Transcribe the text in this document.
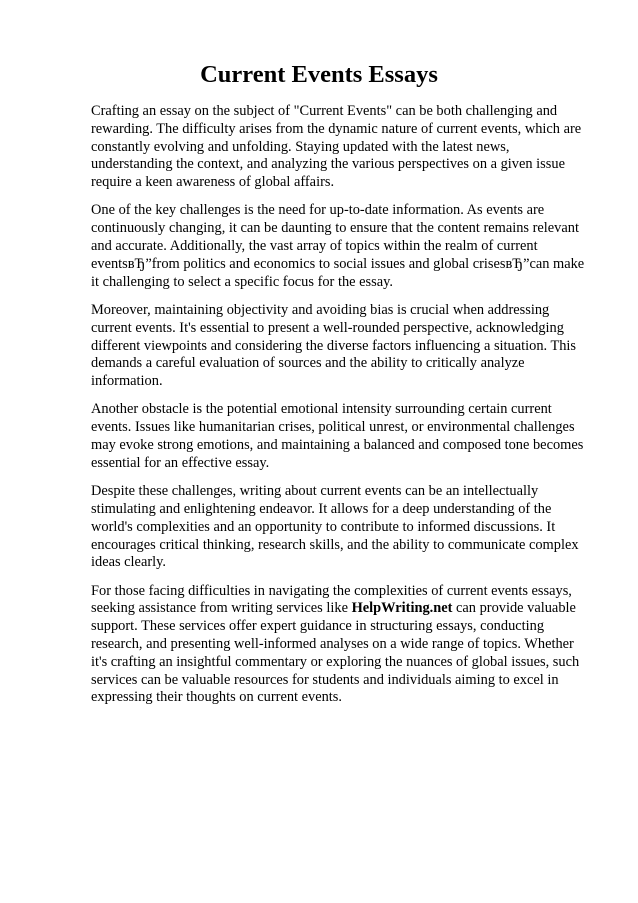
Current Events Essays

Crafting an essay on the subject of "Current Events" can be both challenging and rewarding. The difficulty arises from the dynamic nature of current events, which are constantly evolving and unfolding. Staying updated with the latest news, understanding the context, and analyzing the various perspectives on a given issue require a keen awareness of global affairs.

One of the key challenges is the need for up-to-date information. As events are continuously changing, it can be daunting to ensure that the content remains relevant and accurate. Additionally, the vast array of topics within the realm of current eventsвЂ”from politics and economics to social issues and global crisesвЂ”can make it challenging to select a specific focus for the essay.

Moreover, maintaining objectivity and avoiding bias is crucial when addressing current events. It's essential to present a well-rounded perspective, acknowledging different viewpoints and considering the diverse factors influencing a situation. This demands a careful evaluation of sources and the ability to critically analyze information.

Another obstacle is the potential emotional intensity surrounding certain current events. Issues like humanitarian crises, political unrest, or environmental challenges may evoke strong emotions, and maintaining a balanced and composed tone becomes essential for an effective essay.

Despite these challenges, writing about current events can be an intellectually stimulating and enlightening endeavor. It allows for a deep understanding of the world's complexities and an opportunity to contribute to informed discussions. It encourages critical thinking, research skills, and the ability to communicate complex ideas clearly.

For those facing difficulties in navigating the complexities of current events essays, seeking assistance from writing services like HelpWriting.net can provide valuable support. These services offer expert guidance in structuring essays, conducting research, and presenting well-informed analyses on a wide range of topics. Whether it's crafting an insightful commentary or exploring the nuances of global issues, such services can be valuable resources for students and individuals aiming to excel in expressing their thoughts on current events.
